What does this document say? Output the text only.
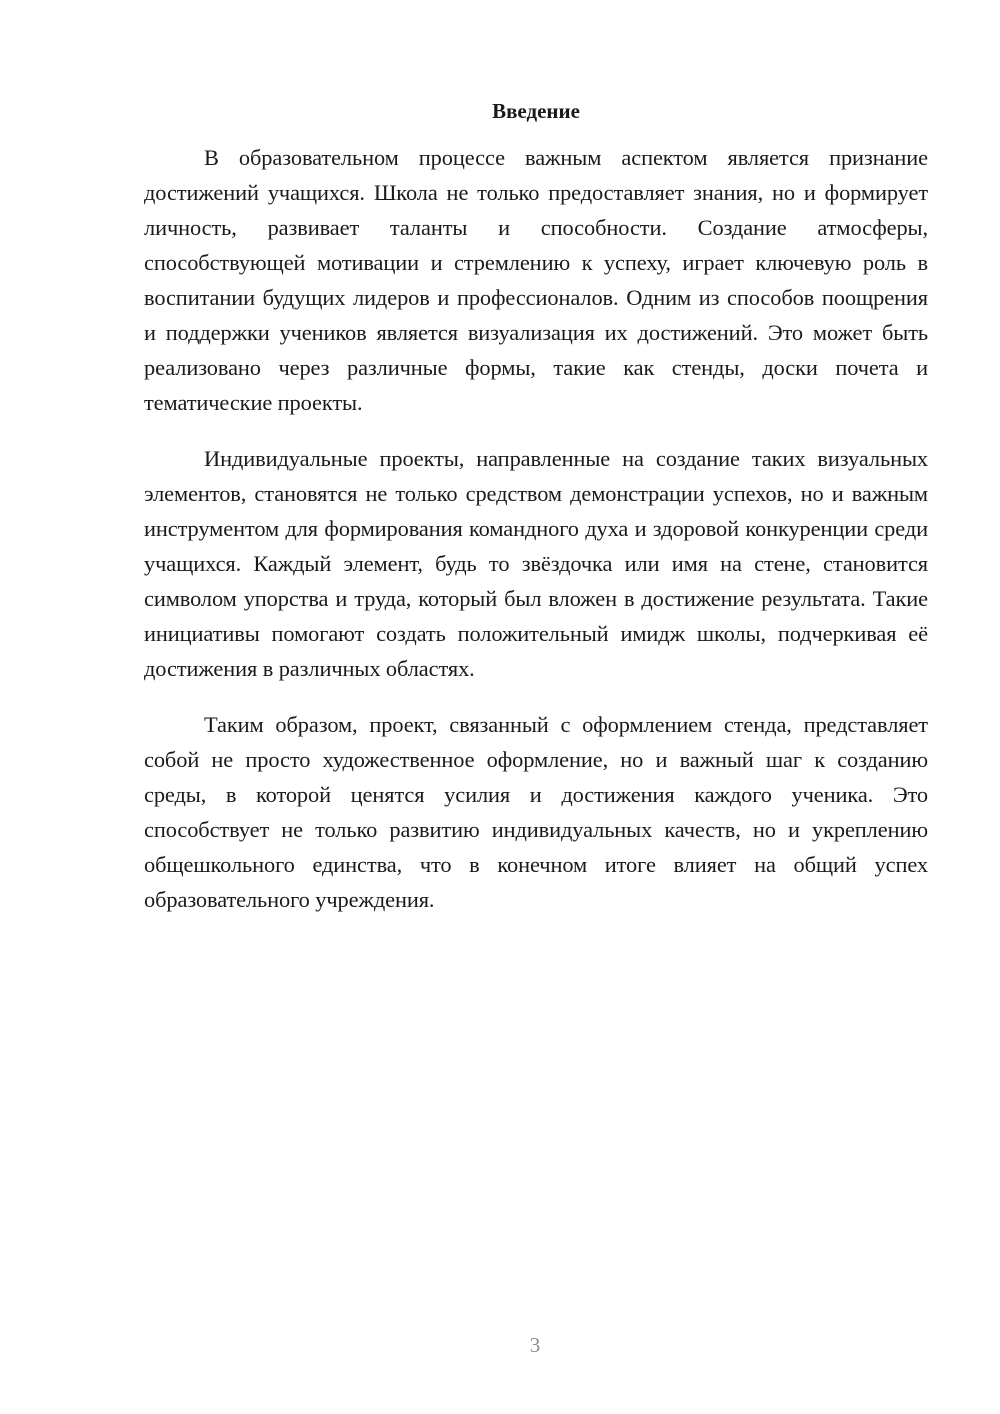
Введение

В образовательном процессе важным аспектом является признание достижений учащихся. Школа не только предоставляет знания, но и формирует личность, развивает таланты и способности. Создание атмосферы, способствующей мотивации и стремлению к успеху, играет ключевую роль в воспитании будущих лидеров и профессионалов. Одним из способов поощрения и поддержки учеников является визуализация их достижений. Это может быть реализовано через различные формы, такие как стенды, доски почета и тематические проекты.

Индивидуальные проекты, направленные на создание таких визуальных элементов, становятся не только средством демонстрации успехов, но и важным инструментом для формирования командного духа и здоровой конкуренции среди учащихся. Каждый элемент, будь то звёздочка или имя на стене, становится символом упорства и труда, который был вложен в достижение результата. Такие инициативы помогают создать положительный имидж школы, подчеркивая её достижения в различных областях.

Таким образом, проект, связанный с оформлением стенда, представляет собой не просто художественное оформление, но и важный шаг к созданию среды, в которой ценятся усилия и достижения каждого ученика. Это способствует не только развитию индивидуальных качеств, но и укреплению общешкольного единства, что в конечном итоге влияет на общий успех образовательного учреждения.

3
